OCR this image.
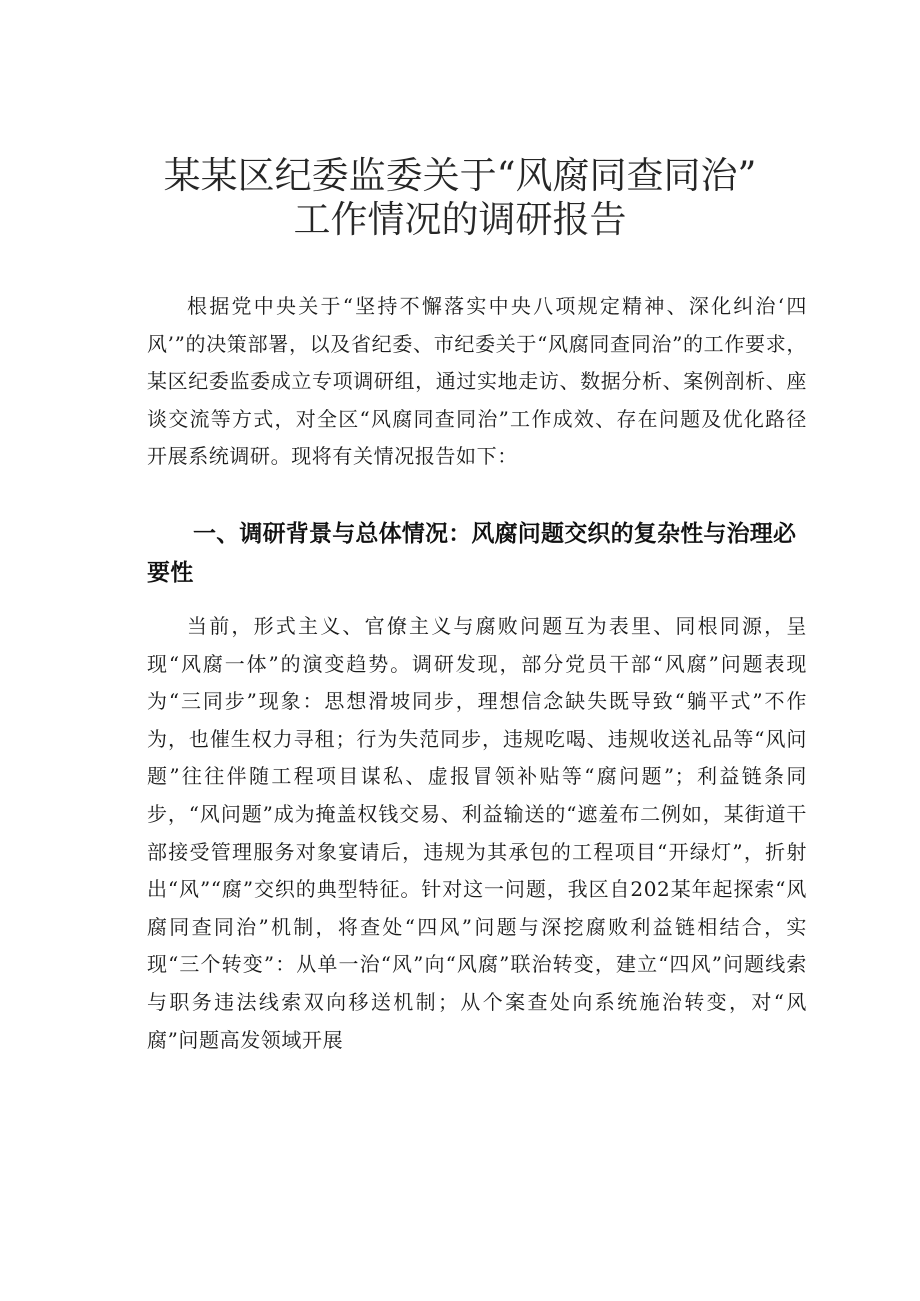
某某区纪委监委关于“风腐同查同治”
工作情况的调研报告

根据党中央关于“坚持不懈落实中央八项规定精神、深化纠治‘四风’”的决策部署，以及省纪委、市纪委关于“风腐同查同治”的工作要求，某区纪委监委成立专项调研组，通过实地走访、数据分析、案例剖析、座谈交流等方式，对全区“风腐同查同治”工作成效、存在问题及优化路径开展系统调研。现将有关情况报告如下：

一、调研背景与总体情况：风腐问题交织的复杂性与治理必要性

当前，形式主义、官僚主义与腐败问题互为表里、同根同源，呈现“风腐一体”的演变趋势。调研发现，部分党员干部“风腐”问题表现为“三同步”现象：思想滑坡同步，理想信念缺失既导致“躺平式”不作为，也催生权力寻租；行为失范同步，违规吃喝、违规收送礼品等“风问题”往往伴随工程项目谋私、虚报冒领补贴等“腐问题”；利益链条同步，“风问题”成为掩盖权钱交易、利益输送的“遮羞布二例如，某街道干部接受管理服务对象宴请后，违规为其承包的工程项目“开绿灯”，折射出“风”“腐”交织的典型特征。针对这一问题，我区自202某年起探索“风腐同查同治”机制，将查处“四风”问题与深挖腐败利益链相结合，实现“三个转变”：从单一治“风”向“风腐”联治转变，建立“四风”问题线索与职务违法线索双向移送机制；从个案查处向系统施治转变，对“风腐”问题高发领域开展
